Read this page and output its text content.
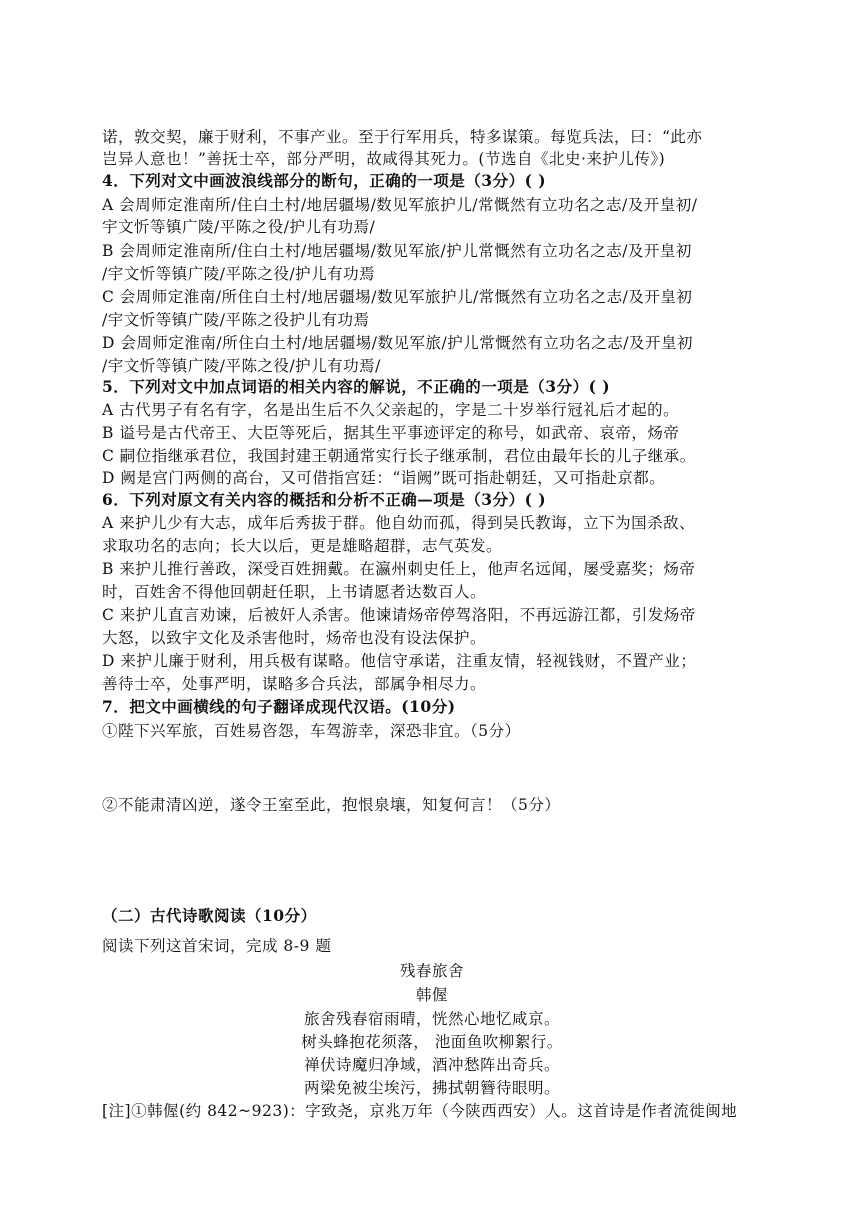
诺，敦交契，廉于财利，不事产业。至于行军用兵，特多谋策。每览兵法，曰：“此亦
岂异人意也！”善抚士卒，部分严明，故咸得其死力。(节选自《北史·来护儿传》)
4．下列对文中画波浪线部分的断句，正确的一项是（3分）( )
A 会周师定淮南所/住白土村/地居疆埸/数见军旅护儿/常慨然有立功名之志/及开皇初/
宇文忻等镇广陵/平陈之役/护儿有功焉/
B 会周师定淮南所/住白土村/地居疆埸/数见军旅/护儿常慨然有立功名之志/及开皇初
/宇文忻等镇广陵/平陈之役/护儿有功焉
C 会周师定淮南/所住白土村/地居疆埸/数见军旅护儿/常慨然有立功名之志/及开皇初
/宇文忻等镇广陵/平陈之役护儿有功焉
D 会周师定淮南/所住白土村/地居疆埸/数见军旅/护儿常慨然有立功名之志/及开皇初
/宇文忻等镇广陵/平陈之役/护儿有功焉/
5．下列对文中加点词语的相关内容的解说，不正确的一项是（3分）( )
A 古代男子有名有字，名是出生后不久父亲起的，字是二十岁举行冠礼后才起的。
B 谥号是古代帝王、大臣等死后，据其生平事迹评定的称号，如武帝、哀帝，炀帝
C 嗣位指继承君位，我国封建王朝通常实行长子继承制，君位由最年长的儿子继承。
D 阙是宫门两侧的高台，又可借指宫廷：“诣阙”既可指赴朝廷，又可指赴京都。
6．下列对原文有关内容的概括和分析不正确—项是（3分）( )
A 来护儿少有大志，成年后秀拔于群。他自幼而孤，得到吴氏教诲，立下为国杀敌、
求取功名的志向；长大以后，更是雄略超群，志气英发。
B 来护儿推行善政，深受百姓拥戴。在瀛州刺史任上，他声名远闻，屡受嘉奖；炀帝
时，百姓舍不得他回朝赶任职，上书请愿者达数百人。
C 来护儿直言劝谏，后被奸人杀害。他谏请炀帝停驾洛阳，不再远游江都，引发炀帝
大怒，以致宇文化及杀害他时，炀帝也没有设法保护。
D 来护儿廉于财利，用兵极有谋略。他信守承诺，注重友情，轻视钱财，不置产业；
善待士卒，处事严明，谋略多合兵法，部属争相尽力。
7．把文中画横线的句子翻译成现代汉语。(10分)
①陛下兴军旅，百姓易咨怨，车驾游幸，深恐非宜。（5分）
②不能肃清凶逆，遂令王室至此，抱恨泉壤，知复何言！（5分）
（二）古代诗歌阅读（10分）
阅读下列这首宋词，完成 8-9 题
残春旅舍
韩偓
旅舍残春宿雨晴，恍然心地忆咸京。
树头蜂抱花须落， 池面鱼吹柳絮行。
禅伏诗魔归净域，酒冲愁阵出奇兵。
两梁免被尘埃污，拂拭朝簪待眼明。
[注]①韩偓(约 842~923)：字致尧，京兆万年（今陕西西安）人。这首诗是作者流徙闽地
